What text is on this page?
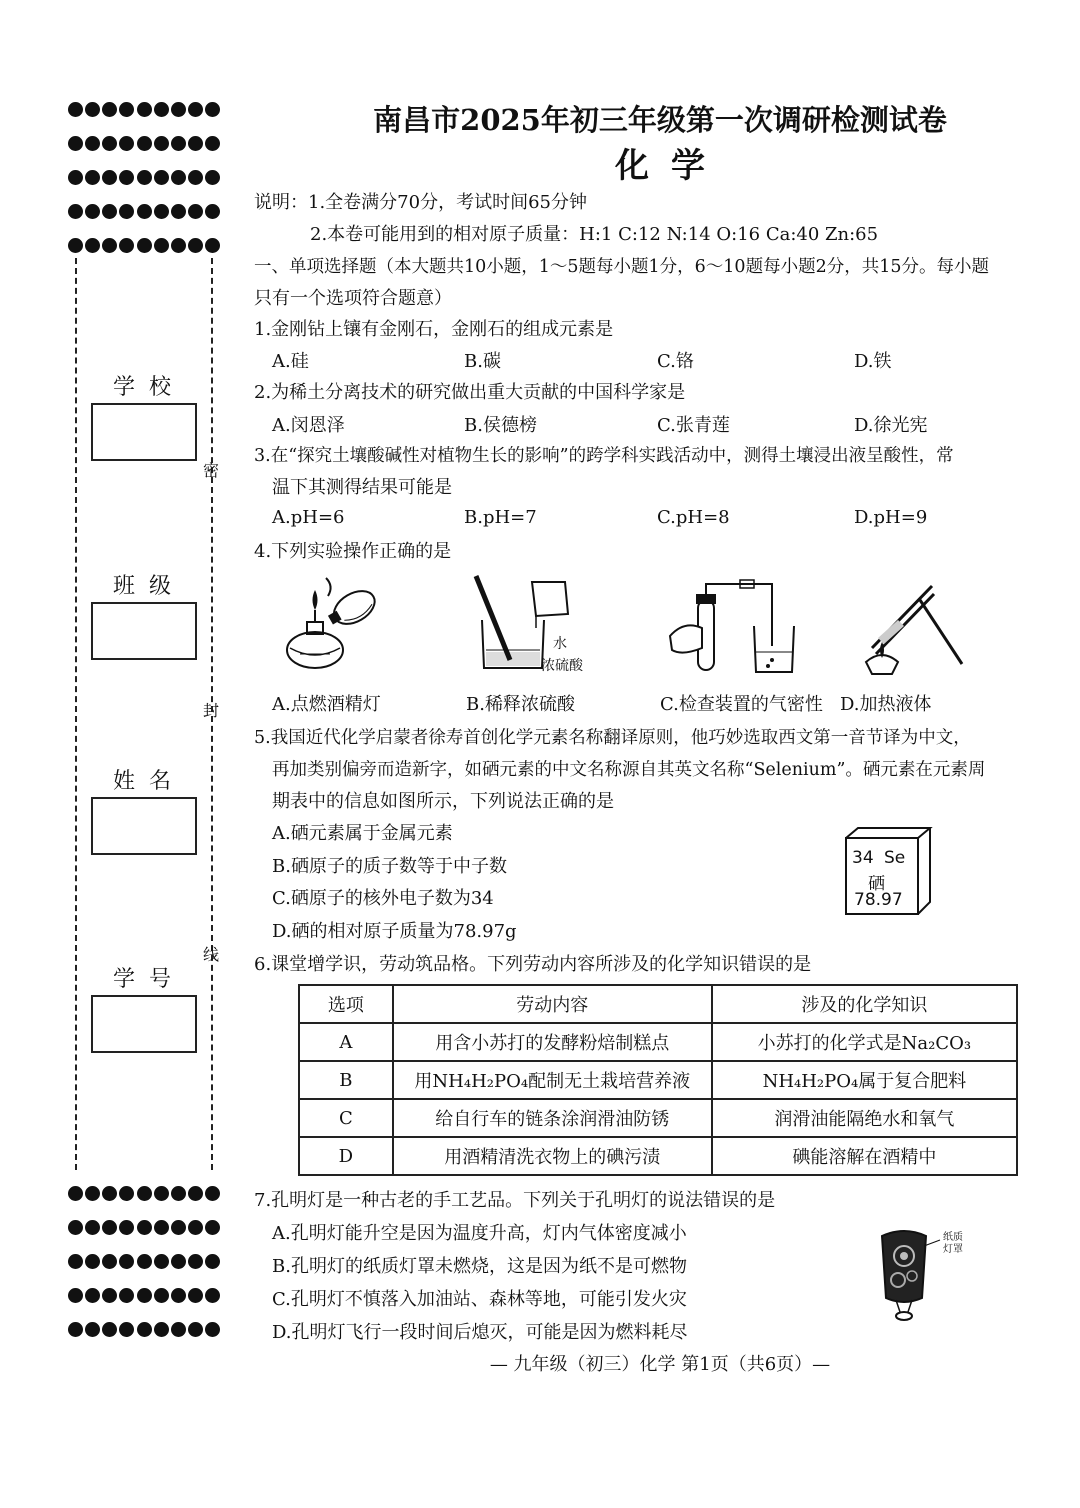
学校
班级
姓名
学号
密
封
线
南昌市2025年初三年级第一次调研检测试卷
化学
说明：1.全卷满分70分，考试时间65分钟
2.本卷可能用到的相对原子质量：H:1 C:12 N:14 O:16 Ca:40 Zn:65
一、单项选择题（本大题共10小题，1～5题每小题1分，6～10题每小题2分，共15分。每小题
只有一个选项符合题意）
1.金刚钻上镶有金刚石，金刚石的组成元素是
A.硅	B.碳	C.铬	D.铁
2.为稀土分离技术的研究做出重大贡献的中国科学家是
A.闵恩泽	B.侯德榜	C.张青莲	D.徐光宪
3.在“探究土壤酸碱性对植物生长的影响”的跨学科实践活动中，测得土壤浸出液呈酸性，常
温下其测得结果可能是
A.pH=6	B.pH=7	C.pH=8	D.pH=9
4.下列实验操作正确的是
水
浓硫酸
A.点燃酒精灯	B.稀释浓硫酸	C.检查装置的气密性 D.加热液体
5.我国近代化学启蒙者徐寿首创化学元素名称翻译原则，他巧妙选取西文第一音节译为中文，
再加类别偏旁而造新字，如硒元素的中文名称源自其英文名称“Selenium”。硒元素在元素周
期表中的信息如图所示，下列说法正确的是
A.硒元素属于金属元素
B.硒原子的质子数等于中子数
C.硒原子的核外电子数为34
D.硒的相对原子质量为78.97g
34 Se
硒
78.97
6.课堂增学识，劳动筑品格。下列劳动内容所涉及的化学知识错误的是
选项	劳动内容	涉及的化学知识
A	用含小苏打的发酵粉焙制糕点	小苏打的化学式是Na₂CO₃
B	用NH₄H₂PO₄配制无土栽培营养液	NH₄H₂PO₄属于复合肥料
C	给自行车的链条涂润滑油防锈	润滑油能隔绝水和氧气
D	用酒精清洗衣物上的碘污渍	碘能溶解在酒精中
7.孔明灯是一种古老的手工艺品。下列关于孔明灯的说法错误的是
A.孔明灯能升空是因为温度升高，灯内气体密度减小
B.孔明灯的纸质灯罩未燃烧，这是因为纸不是可燃物
C.孔明灯不慎落入加油站、森林等地，可能引发火灾
D.孔明灯飞行一段时间后熄灭，可能是因为燃料耗尽
纸质灯罩
— 九年级（初三）化学 第1页（共6页）—
